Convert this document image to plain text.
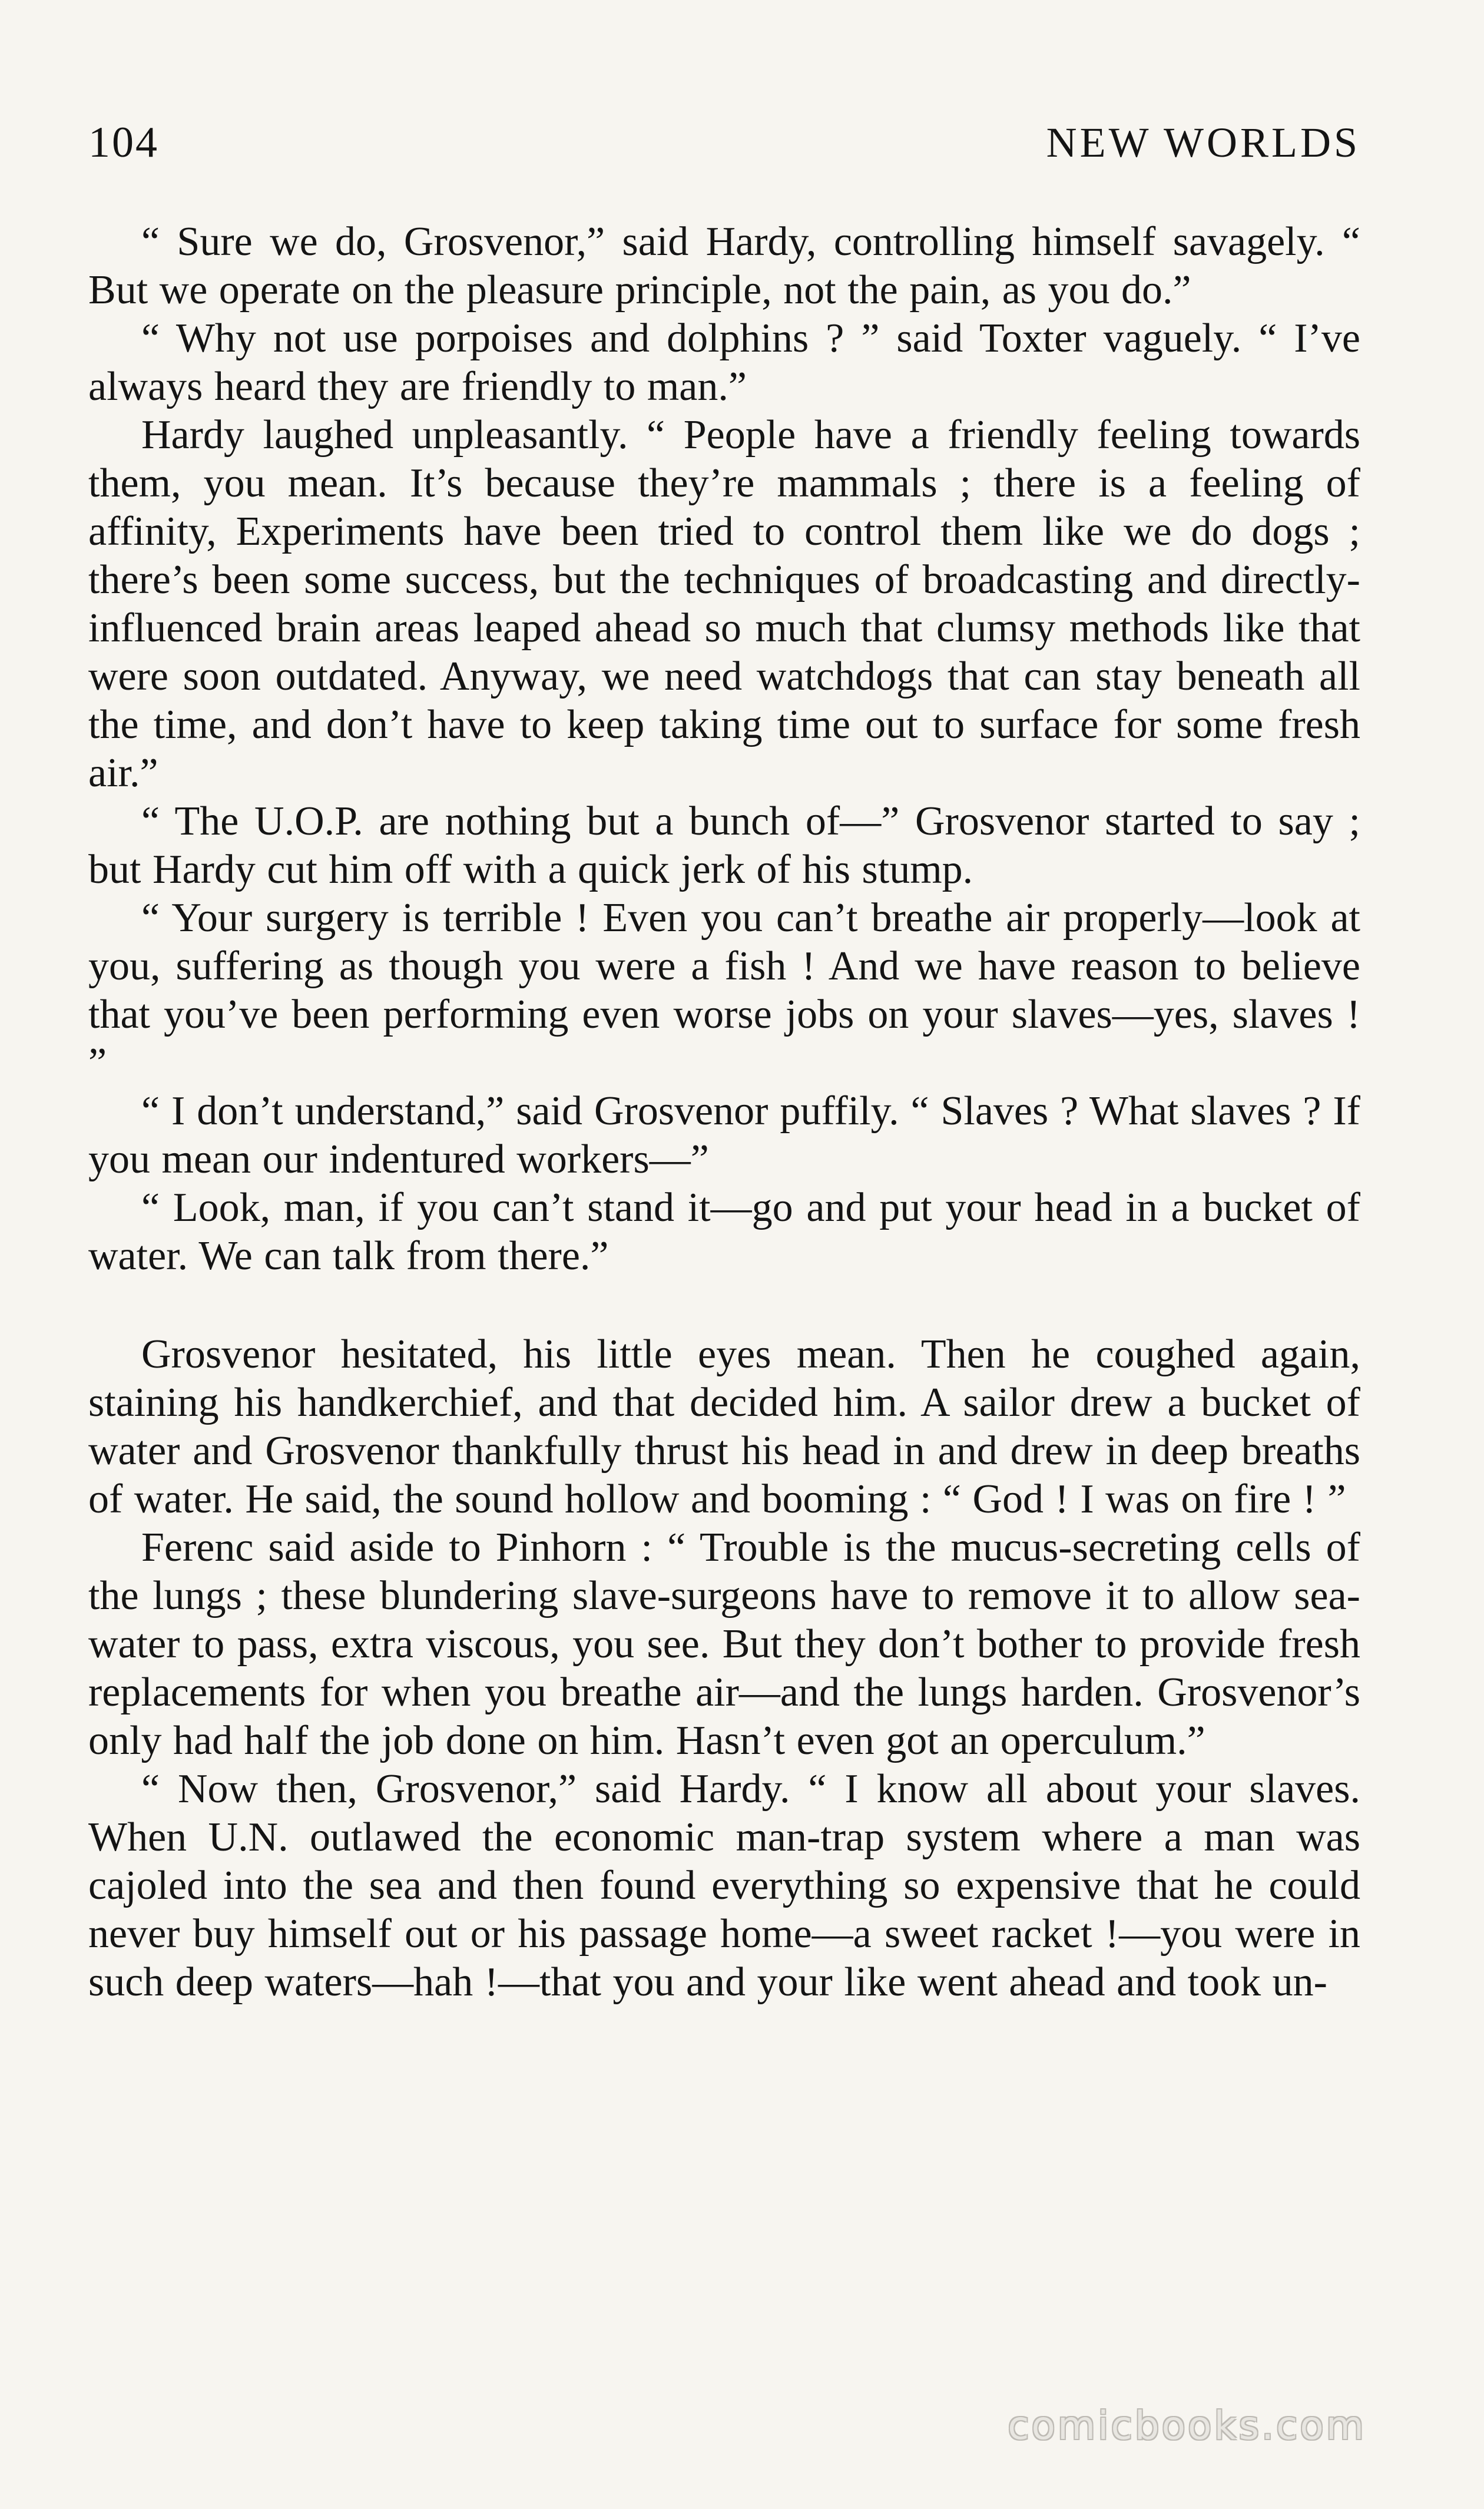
104	NEW WORLDS

“ Sure we do, Grosvenor,” said Hardy, controlling himself savagely. “ But we operate on the pleasure principle, not the pain, as you do.”

“ Why not use porpoises and dolphins ? ” said Toxter vaguely. “ I’ve always heard they are friendly to man.”

Hardy laughed unpleasantly. “ People have a friendly feeling towards them, you mean. It’s because they’re mammals ; there is a feeling of affinity, Experiments have been tried to control them like we do dogs ; there’s been some success, but the techniques of broadcasting and directly-influenced brain areas leaped ahead so much that clumsy methods like that were soon outdated. Anyway, we need watchdogs that can stay beneath all the time, and don’t have to keep taking time out to surface for some fresh air.”

“ The U.O.P. are nothing but a bunch of—” Grosvenor started to say ; but Hardy cut him off with a quick jerk of his stump.

“ Your surgery is terrible ! Even you can’t breathe air properly—look at you, suffering as though you were a fish ! And we have reason to believe that you’ve been performing even worse jobs on your slaves—yes, slaves ! ”

“ I don’t understand,” said Grosvenor puffily. “ Slaves ? What slaves ? If you mean our indentured workers—”

“ Look, man, if you can’t stand it—go and put your head in a bucket of water. We can talk from there.”

Grosvenor hesitated, his little eyes mean. Then he coughed again, staining his handkerchief, and that decided him. A sailor drew a bucket of water and Grosvenor thankfully thrust his head in and drew in deep breaths of water. He said, the sound hollow and booming : “ God ! I was on fire ! ”

Ferenc said aside to Pinhorn : “ Trouble is the mucus-secreting cells of the lungs ; these blundering slave-surgeons have to remove it to allow sea-water to pass, extra viscous, you see. But they don’t bother to provide fresh replacements for when you breathe air—and the lungs harden. Grosvenor’s only had half the job done on him. Hasn’t even got an operculum.”

“ Now then, Grosvenor,” said Hardy. “ I know all about your slaves. When U.N. outlawed the economic man-trap system where a man was cajoled into the sea and then found everything so expensive that he could never buy himself out or his passage home—a sweet racket !—you were in such deep waters—hah !—that you and your like went ahead and took un-

comicbooks.com
